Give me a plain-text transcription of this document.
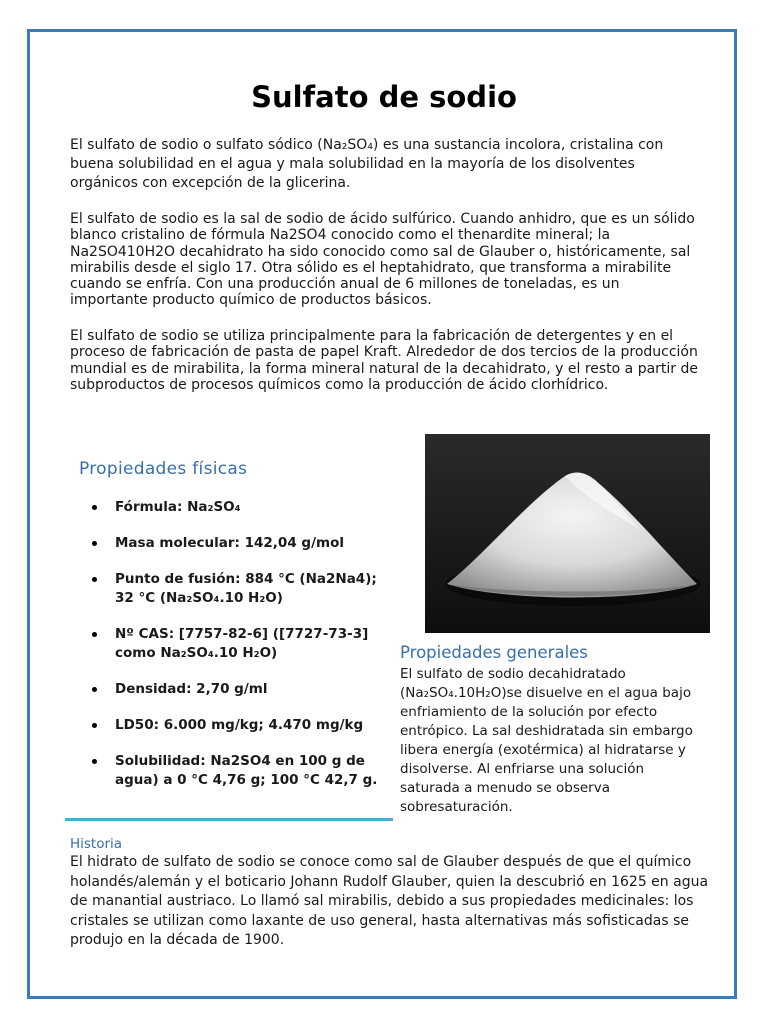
Sulfato de sodio

El sulfato de sodio o sulfato sódico (Na₂SO₄) es una sustancia incolora, cristalina con buena solubilidad en el agua y mala solubilidad en la mayoría de los disolventes orgánicos con excepción de la glicerina.

El sulfato de sodio es la sal de sodio de ácido sulfúrico. Cuando anhidro, que es un sólido blanco cristalino de fórmula Na2SO4 conocido como el thenardite mineral; la Na2SO410H2O decahidrato ha sido conocido como sal de Glauber o, históricamente, sal mirabilis desde el siglo 17. Otra sólido es el heptahidrato, que transforma a mirabilite cuando se enfría. Con una producción anual de 6 millones de toneladas, es un importante producto químico de productos básicos.

El sulfato de sodio se utiliza principalmente para la fabricación de detergentes y en el proceso de fabricación de pasta de papel Kraft. Alrededor de dos tercios de la producción mundial es de mirabilita, la forma mineral natural de la decahidrato, y el resto a partir de subproductos de procesos químicos como la producción de ácido clorhídrico.

Propiedades físicas
Fórmula: Na₂SO₄
Masa molecular: 142,04 g/mol
Punto de fusión: 884 °C (Na2Na4);
32 °C (Na₂SO₄.10 H₂O)
Nº CAS: [7757-82-6] ([7727-73-3]
como Na₂SO₄.10 H₂O)
Densidad: 2,70 g/ml
LD50: 6.000 mg/kg; 4.470 mg/kg
Solubilidad: Na2SO4 en 100 g de
agua) a 0 °C 4,76 g; 100 °C 42,7 g.
Propiedades generales

El sulfato de sodio decahidratado (Na₂SO₄.10H₂O)se disuelve en el agua bajo enfriamiento de la solución por efecto entrópico. La sal deshidratada sin embargo libera energía (exotérmica) al hidratarse y disolverse. Al enfriarse una solución saturada a menudo se observa sobresaturación.

Historia

El hidrato de sulfato de sodio se conoce como sal de Glauber después de que el químico holandés/alemán y el boticario Johann Rudolf Glauber, quien la descubrió en 1625 en agua de manantial austriaco. Lo llamó sal mirabilis, debido a sus propiedades medicinales: los cristales se utilizan como laxante de uso general, hasta alternativas más sofisticadas se produjo en la década de 1900.
